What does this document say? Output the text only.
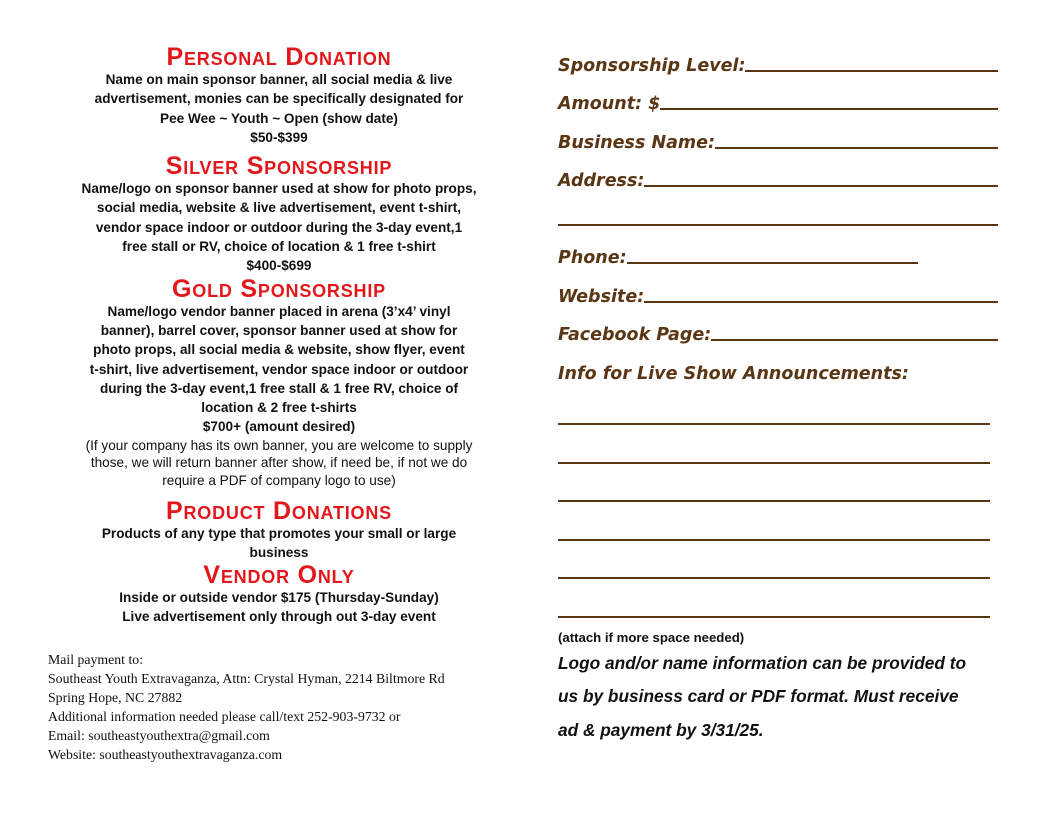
Personal Donation

Name on main sponsor banner, all social media & live

advertisement, monies can be specifically designated for

Pee Wee ~ Youth ~ Open (show date)

$50-$399

Silver Sponsorship

Name/logo on sponsor banner used at show for photo props,

social media, website & live advertisement, event t-shirt,

vendor space indoor or outdoor during the 3-day event,1

free stall or RV, choice of location & 1 free t-shirt

$400-$699

Gold Sponsorship

Name/logo vendor banner placed in arena (3’x4’ vinyl

banner), barrel cover, sponsor banner used at show for

photo props, all social media & website, show flyer, event

t-shirt, live advertisement, vendor space indoor or outdoor

during the 3-day event,1 free stall & 1 free RV, choice of

location & 2 free t-shirts

$700+ (amount desired)

(If your company has its own banner, you are welcome to supply

those, we will return banner after show, if need be, if not we do

require a PDF of company logo to use)

Product Donations

Products of any type that promotes your small or large

business

Vendor Only

Inside or outside vendor $175 (Thursday-Sunday)

Live advertisement only through out 3-day event

Mail payment to:
Southeast Youth Extravaganza, Attn: Crystal Hyman, 2214 Biltmore Rd
Spring Hope, NC 27882
Additional information needed please call/text 252-903-9732 or
Email: southeastyouthextra@gmail.com
Website: southeastyouthextravaganza.com
Sponsorship Level:
Amount: $
Business Name:
Address:
Phone:
Website:
Facebook Page:
Info for Live Show Announcements:
(attach if more space needed)
Logo and/or name information can be provided to
us by business card or PDF format. Must receive
ad & payment by 3/31/25.
